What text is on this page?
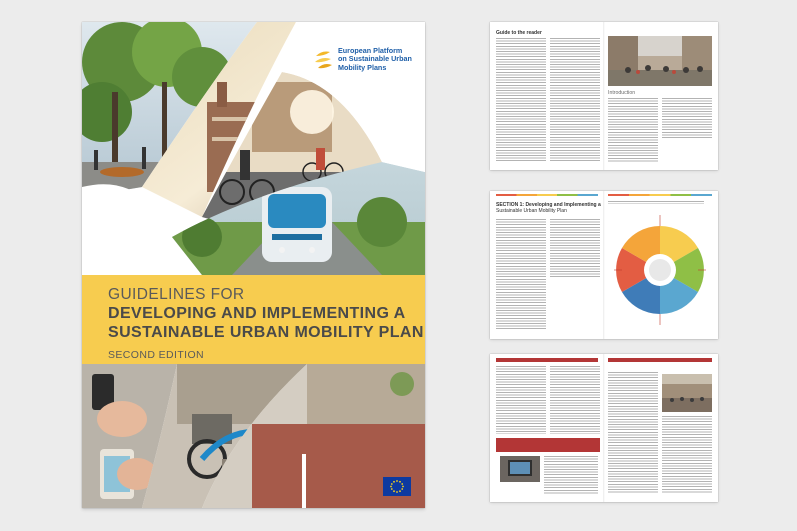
European Platform
on Sustainable Urban
Mobility Plans
GUIDELINES FOR
DEVELOPING AND IMPLEMENTING A
SUSTAINABLE URBAN MOBILITY PLAN
SECOND EDITION
Guide to the reader
Introduction
SECTION 1: Developing and Implementing a
Sustainable Urban Mobility Plan
